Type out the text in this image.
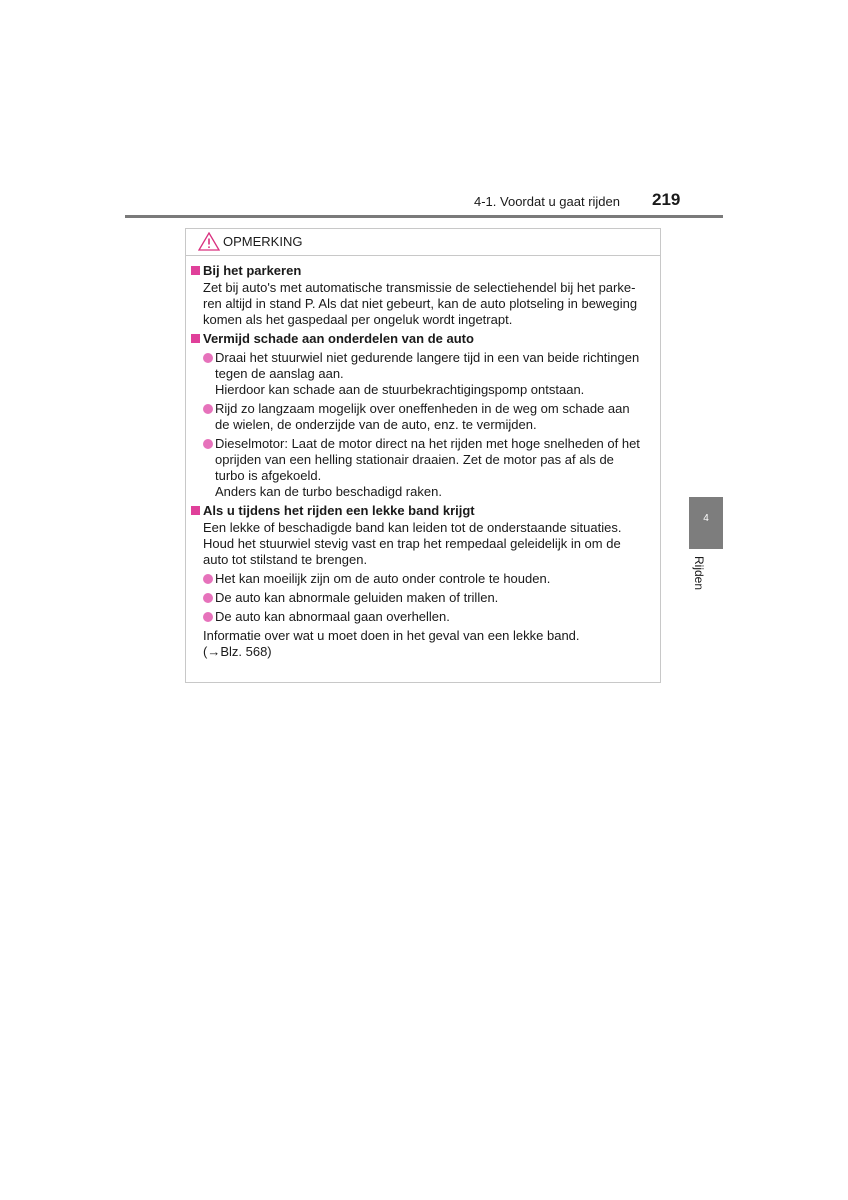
4-1. Voordat u gaat rijden 219
4
Rijden
OPMERKING
Bij het parkeren
Zet bij auto's met automatische transmissie de selectiehendel bij het parke-
ren altijd in stand P. Als dat niet gebeurt, kan de auto plotseling in beweging
komen als het gaspedaal per ongeluk wordt ingetrapt.
Vermijd schade aan onderdelen van de auto
Draai het stuurwiel niet gedurende langere tijd in een van beide richtingen
tegen de aanslag aan.
Hierdoor kan schade aan de stuurbekrachtigingspomp ontstaan.
Rijd zo langzaam mogelijk over oneffenheden in de weg om schade aan
de wielen, de onderzijde van de auto, enz. te vermijden.
Dieselmotor: Laat de motor direct na het rijden met hoge snelheden of het
oprijden van een helling stationair draaien. Zet de motor pas af als de
turbo is afgekoeld.
Anders kan de turbo beschadigd raken.
Als u tijdens het rijden een lekke band krijgt
Een lekke of beschadigde band kan leiden tot de onderstaande situaties.
Houd het stuurwiel stevig vast en trap het rempedaal geleidelijk in om de
auto tot stilstand te brengen.
Het kan moeilijk zijn om de auto onder controle te houden.
De auto kan abnormale geluiden maken of trillen.
De auto kan abnormaal gaan overhellen.
Informatie over wat u moet doen in het geval van een lekke band.
(→Blz. 568)
